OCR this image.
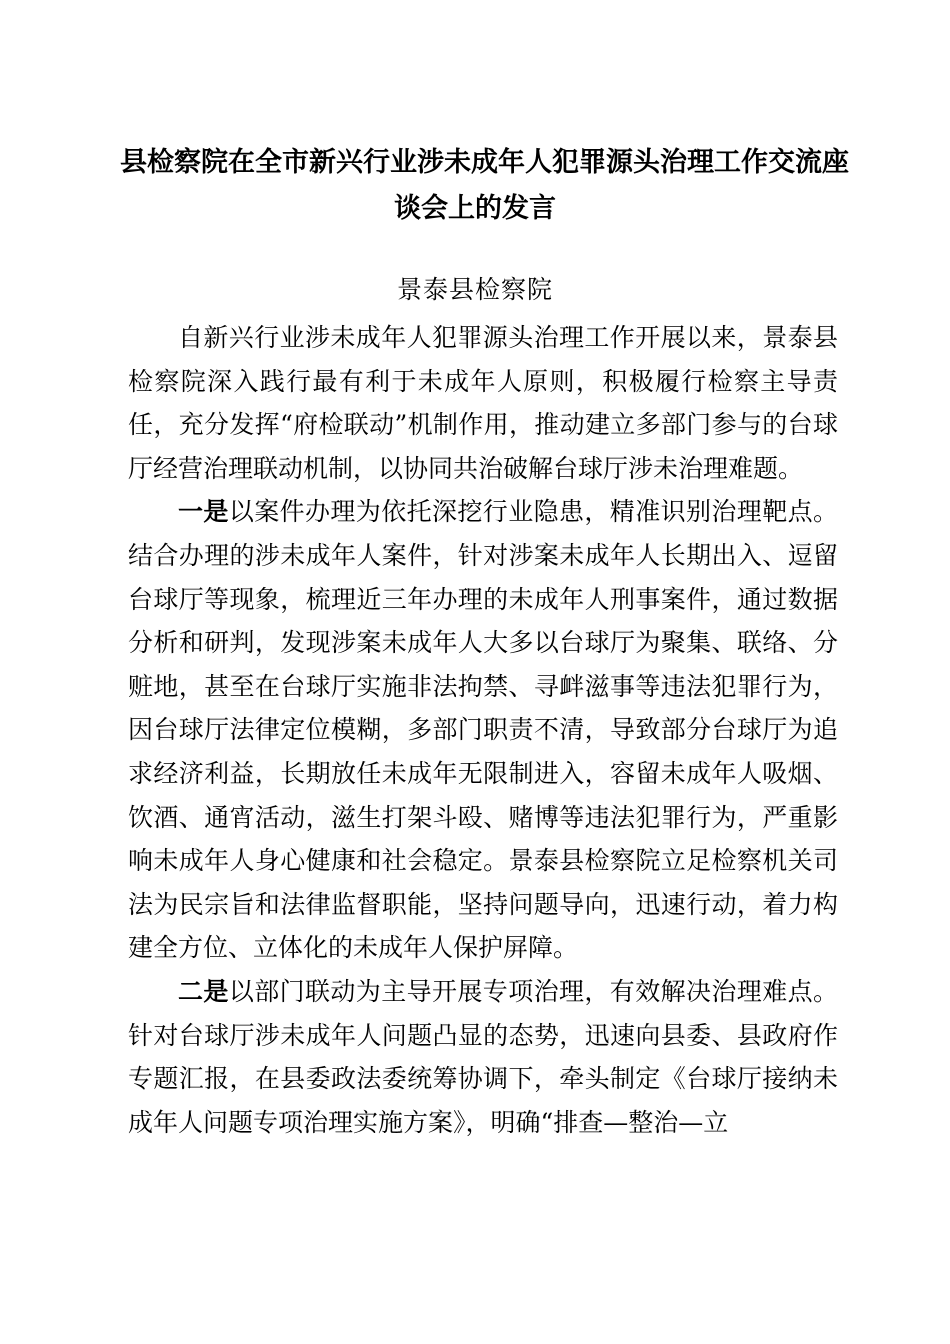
县检察院在全市新兴行业涉未成年人犯罪源头治理工作交流座
谈会上的发言

景泰县检察院

自新兴行业涉未成年人犯罪源头治理工作开展以来，景泰县检察院深入践行最有利于未成年人原则，积极履行检察主导责任，充分发挥“府检联动”机制作用，推动建立多部门参与的台球厅经营治理联动机制，以协同共治破解台球厅涉未治理难题。

一是以案件办理为依托深挖行业隐患，精准识别治理靶点。结合办理的涉未成年人案件，针对涉案未成年人长期出入、逗留台球厅等现象，梳理近三年办理的未成年人刑事案件，通过数据分析和研判，发现涉案未成年人大多以台球厅为聚集、联络、分赃地，甚至在台球厅实施非法拘禁、寻衅滋事等违法犯罪行为，因台球厅法律定位模糊，多部门职责不清，导致部分台球厅为追求经济利益，长期放任未成年无限制进入，容留未成年人吸烟、饮酒、通宵活动，滋生打架斗殴、赌博等违法犯罪行为，严重影响未成年人身心健康和社会稳定。景泰县检察院立足检察机关司法为民宗旨和法律监督职能，坚持问题导向，迅速行动，着力构建全方位、立体化的未成年人保护屏障。

二是以部门联动为主导开展专项治理，有效解决治理难点。针对台球厅涉未成年人问题凸显的态势，迅速向县委、县政府作专题汇报，在县委政法委统筹协调下，牵头制定《台球厅接纳未成年人问题专项治理实施方案》，明确“排查—整治—立
